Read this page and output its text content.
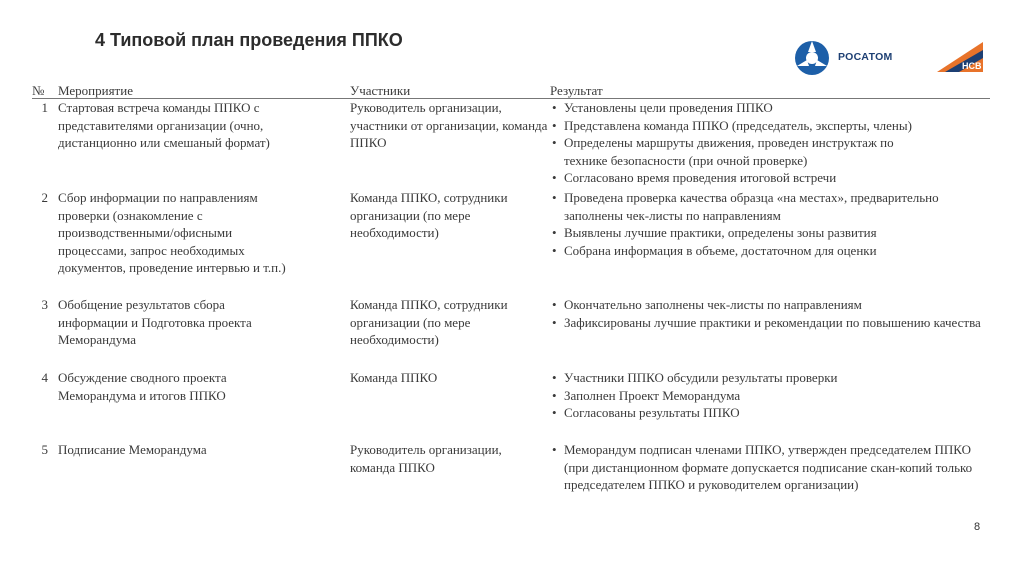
4 Типовой план проведения ППКО
РОСАТОМ
НСВ
№	Мероприятие	Участники	Результат
1 Стартовая встреча команды ППКО с представителями организации (очно, дистанционно или смешаный формат)
Руководитель организации, участники от организации, команда ППКО
• Установлены цели проведения ППКО
• Представлена команда ППКО (председатель, эксперты, члены)
• Определены маршруты движения, проведен инструктаж по технике безопасности (при очной проверке)
• Согласовано время проведения итоговой встречи
2 Сбор информации по направлениям проверки (ознакомление с производственными/офисными процессами, запрос необходимых документов, проведение интервью и т.п.)
Команда ППКО, сотрудники организации (по мере необходимости)
• Проведена проверка качества образца «на местах», предварительно заполнены чек-листы по направлениям
• Выявлены лучшие практики, определены зоны развития
• Собрана информация в объеме, достаточном для оценки
3 Обобщение результатов сбора информации и Подготовка проекта Меморандума
Команда ППКО, сотрудники организации (по мере необходимости)
• Окончательно заполнены чек-листы по направлениям
• Зафиксированы лучшие практики и рекомендации по повышению качества
4 Обсуждение сводного проекта Меморандума и итогов ППКО
Команда ППКО
•	Участники ППКО обсудили результаты проверки
• Заполнен Проект Меморандума
• Согласованы результаты ППКО
5 Подписание Меморандума	Руководитель организации, команда ППКО
• Меморандум подписан членами ППКО, утвержден председателем ППКО (при дистанционном формате допускается подписание скан-копий только председателем ППКО и руководителем организации)
8
